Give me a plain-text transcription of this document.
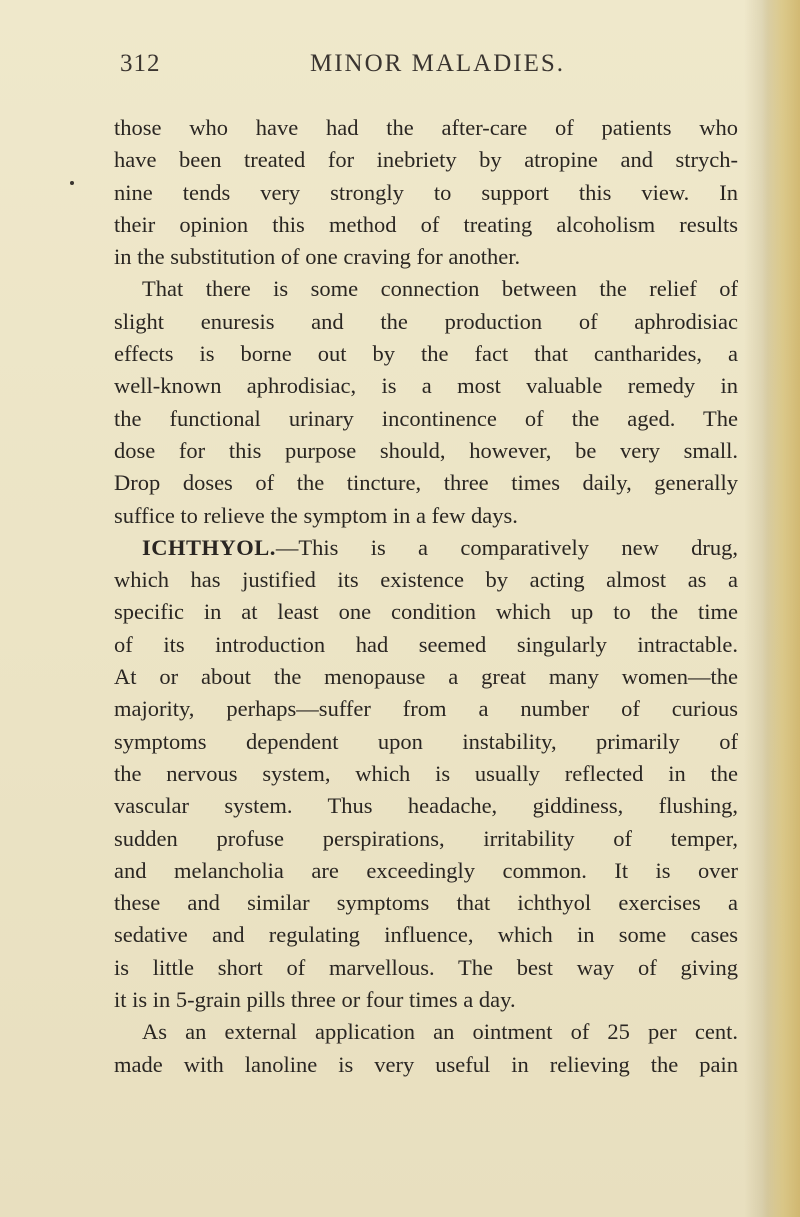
312	MINOR MALADIES.
those who have had the after-care of patients who
have been treated for inebriety by atropine and strych-
nine tends very strongly to support this view. In
their opinion this method of treating alcoholism results
in the substitution of one craving for another.
That there is some connection between the relief of
slight enuresis and the production of aphrodisiac
effects is borne out by the fact that cantharides, a
well-known aphrodisiac, is a most valuable remedy in
the functional urinary incontinence of the aged. The
dose for this purpose should, however, be very small.
Drop doses of the tincture, three times daily, generally
suffice to relieve the symptom in a few days.
ICHTHYOL.—This is a comparatively new drug,
which has justified its existence by acting almost as a
specific in at least one condition which up to the time
of its introduction had seemed singularly intractable.
At or about the menopause a great many women—the
majority, perhaps—suffer from a number of curious
symptoms dependent upon instability, primarily of
the nervous system, which is usually reflected in the
vascular system. Thus headache, giddiness, flushing,
sudden profuse perspirations, irritability of temper,
and melancholia are exceedingly common. It is over
these and similar symptoms that ichthyol exercises a
sedative and regulating influence, which in some cases
is little short of marvellous. The best way of giving
it is in 5-grain pills three or four times a day.
As an external application an ointment of 25 per cent.
made with lanoline is very useful in relieving the pain
